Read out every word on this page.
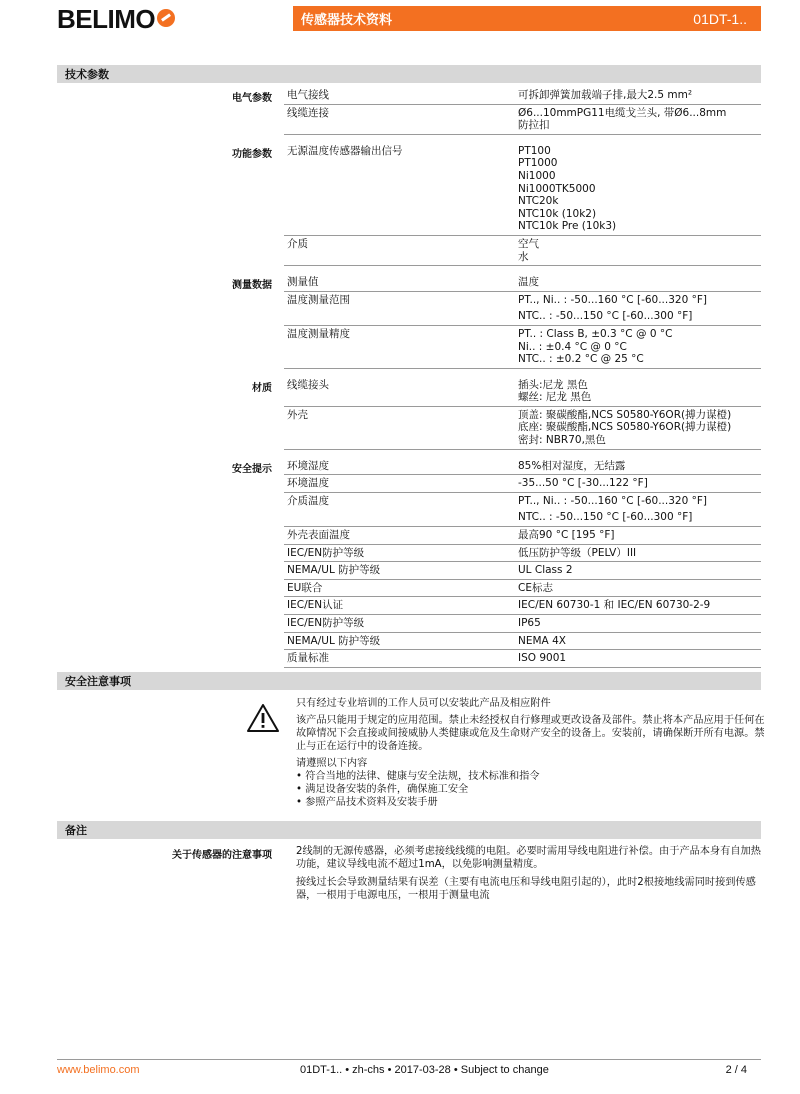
BELIMO	传感器技术资料	01DT-1..
技术参数
电气参数	电气接线	可拆卸弹簧加载端子排,最大2.5 mm²
线缆连接	Ø6...10mmPG11电缆戈兰头, 带Ø6...8mm
防拉扣
功能参数	无源温度传感器输出信号	PT100
PT1000
Ni1000
Ni1000TK5000
NTC20k
NTC10k (10k2)
NTC10k Pre (10k3)
介质	空气
水
测量数据	测量值	温度
温度测量范围	PT.., Ni.. : -50...160 °C [-60...320 °F]
NTC.. : -50...150 °C [-60...300 °F]
温度测量精度	PT.. : Class B, ±0.3 °C @ 0 °C
Ni.. : ±0.4 °C @ 0 °C
NTC.. : ±0.2 °C @ 25 °C
材质	线缆接头	插头:尼龙 黑色
螺丝: 尼龙 黑色
外壳	顶盖: 聚碳酸酯,NCS S0580-Y6OR(搏力谋橙)
底座: 聚碳酸酯,NCS S0580-Y6OR(搏力谋橙)
密封: NBR70,黑色
安全提示	环境湿度	85%相对湿度，无结露
环境温度	-35...50 °C [-30...122 °F]
介质温度	PT.., Ni.. : -50...160 °C [-60...320 °F]
NTC.. : -50...150 °C [-60...300 °F]
外壳表面温度	最高90 °C [195 °F]
IEC/EN防护等级	低压防护等级（PELV）III
NEMA/UL 防护等级	UL Class 2
EU联合	CE标志
IEC/EN认证	IEC/EN 60730-1 和 IEC/EN 60730-2-9
IEC/EN防护等级	IP65
NEMA/UL 防护等级	NEMA 4X
质量标准	ISO 9001
安全注意事项

只有经过专业培训的工作人员可以安装此产品及相应附件

该产品只能用于规定的应用范围。禁止未经授权自行修理或更改设备及部件。禁止将本产品应用于任何在故障情况下会直接或间接威胁人类健康或危及生命财产安全的设备上。安装前，请确保断开所有电源。禁止与正在运行中的设备连接。

请遵照以下内容
• 符合当地的法律、健康与安全法规，技术标准和指令
• 满足设备安装的条件，确保施工安全
• 参照产品技术资料及安装手册
备注
关于传感器的注意事项	2线制的无源传感器，必须考虑接线线缆的电阻。必要时需用导线电阻进行补偿。由于产品本身有自加热功能，建议导线电流不超过1mA，以免影响测量精度。

接线过长会导致测量结果有误差（主要有电流电压和导线电阻引起的），此时2根接地线需同时接到传感器，一根用于电源电压，一根用于测量电流

www.belimo.com	01DT-1.. • zh-chs • 2017-03-28 • Subject to change	2 / 4
